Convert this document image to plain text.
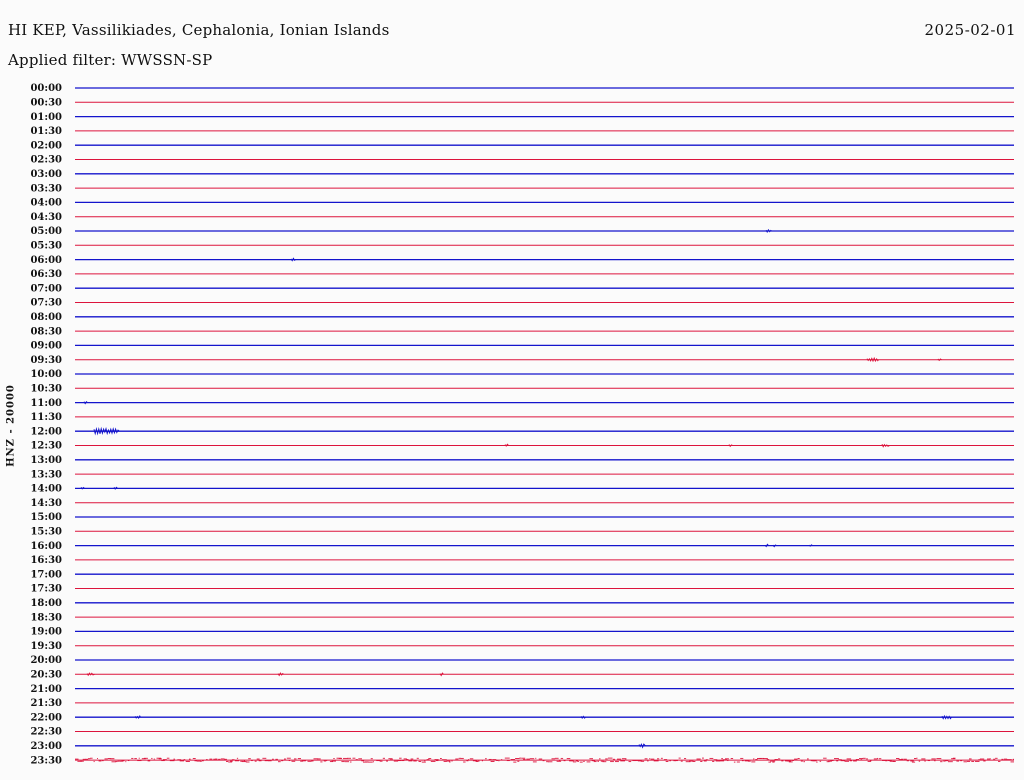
HI KEP, Vassilikiades, Cephalonia, Ionian Islands	2025-02-01
Applied filter: WWSSN-SP
HNZ - 20000
00:00
00:30
01:00
01:30
02:00
02:30
03:00
03:30
04:00
04:30
05:00
05:30
06:00
06:30
07:00
07:30
08:00
08:30
09:00
09:30
10:00
10:30
11:00
11:30
12:00
12:30
13:00
13:30
14:00
14:30
15:00
15:30
16:00
16:30
17:00
17:30
18:00
18:30
19:00
19:30
20:00
20:30
21:00
21:30
22:00
22:30
23:00
23:30
